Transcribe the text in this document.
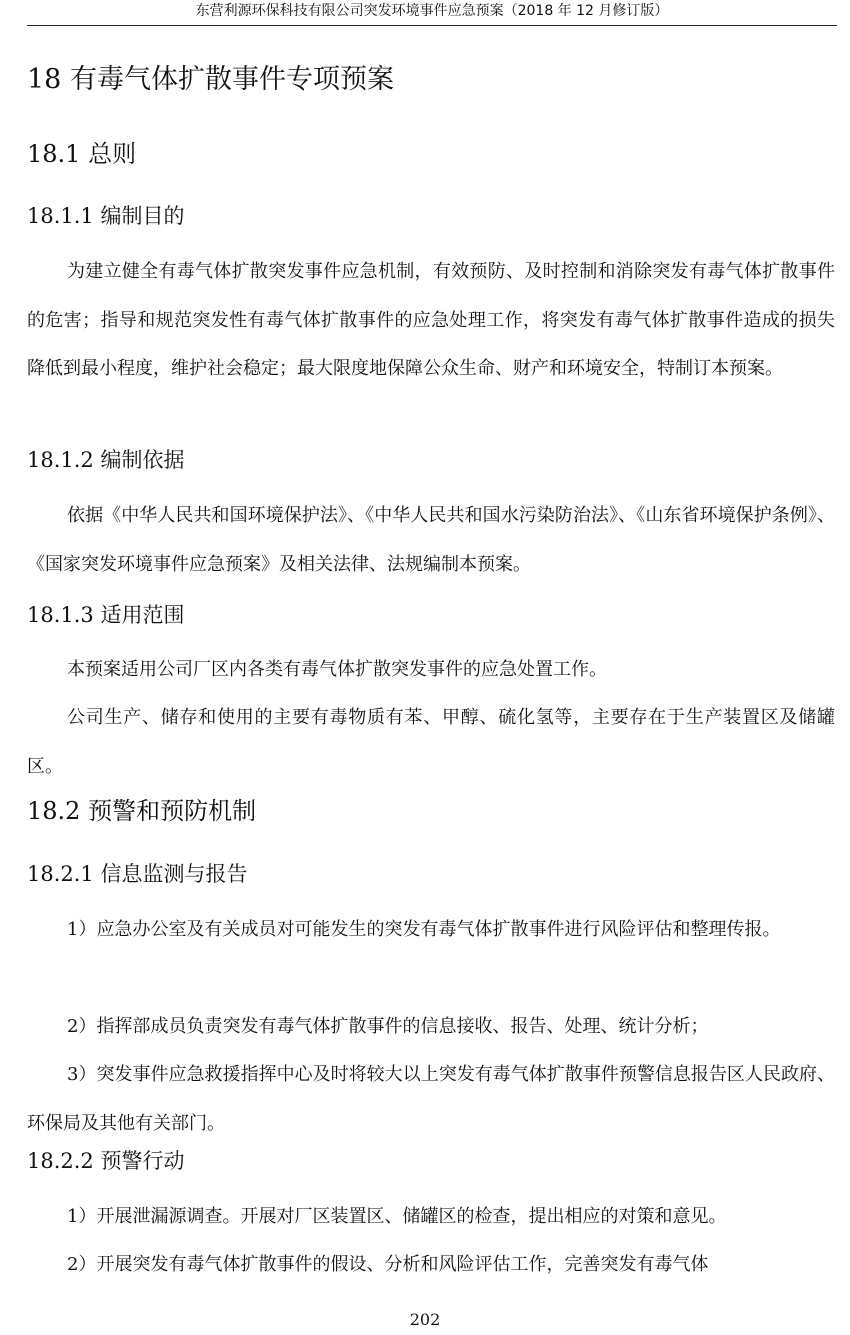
东营利源环保科技有限公司突发环境事件应急预案（2018 年 12 月修订版）
18 有毒气体扩散事件专项预案
18.1 总则
18.1.1 编制目的
为建立健全有毒气体扩散突发事件应急机制，有效预防、及时控制和消除突发有毒气体扩散事件的危害；指导和规范突发性有毒气体扩散事件的应急处理工作，将突发有毒气体扩散事件造成的损失降低到最小程度，维护社会稳定；最大限度地保障公众生命、财产和环境安全，特制订本预案。
18.1.2 编制依据
依据《中华人民共和国环境保护法》、《中华人民共和国水污染防治法》、《山东省环境保护条例》、《国家突发环境事件应急预案》及相关法律、法规编制本预案。
18.1.3 适用范围
本预案适用公司厂区内各类有毒气体扩散突发事件的应急处置工作。
公司生产、储存和使用的主要有毒物质有苯、甲醇、硫化氢等，主要存在于生产装置区及储罐区。
18.2 预警和预防机制
18.2.1 信息监测与报告
1）应急办公室及有关成员对可能发生的突发有毒气体扩散事件进行风险评估和整理传报。
2）指挥部成员负责突发有毒气体扩散事件的信息接收、报告、处理、统计分析；
3）突发事件应急救援指挥中心及时将较大以上突发有毒气体扩散事件预警信息报告区人民政府、环保局及其他有关部门。
18.2.2 预警行动
1）开展泄漏源调查。开展对厂区装置区、储罐区的检查，提出相应的对策和意见。
2）开展突发有毒气体扩散事件的假设、分析和风险评估工作，完善突发有毒气体
202
